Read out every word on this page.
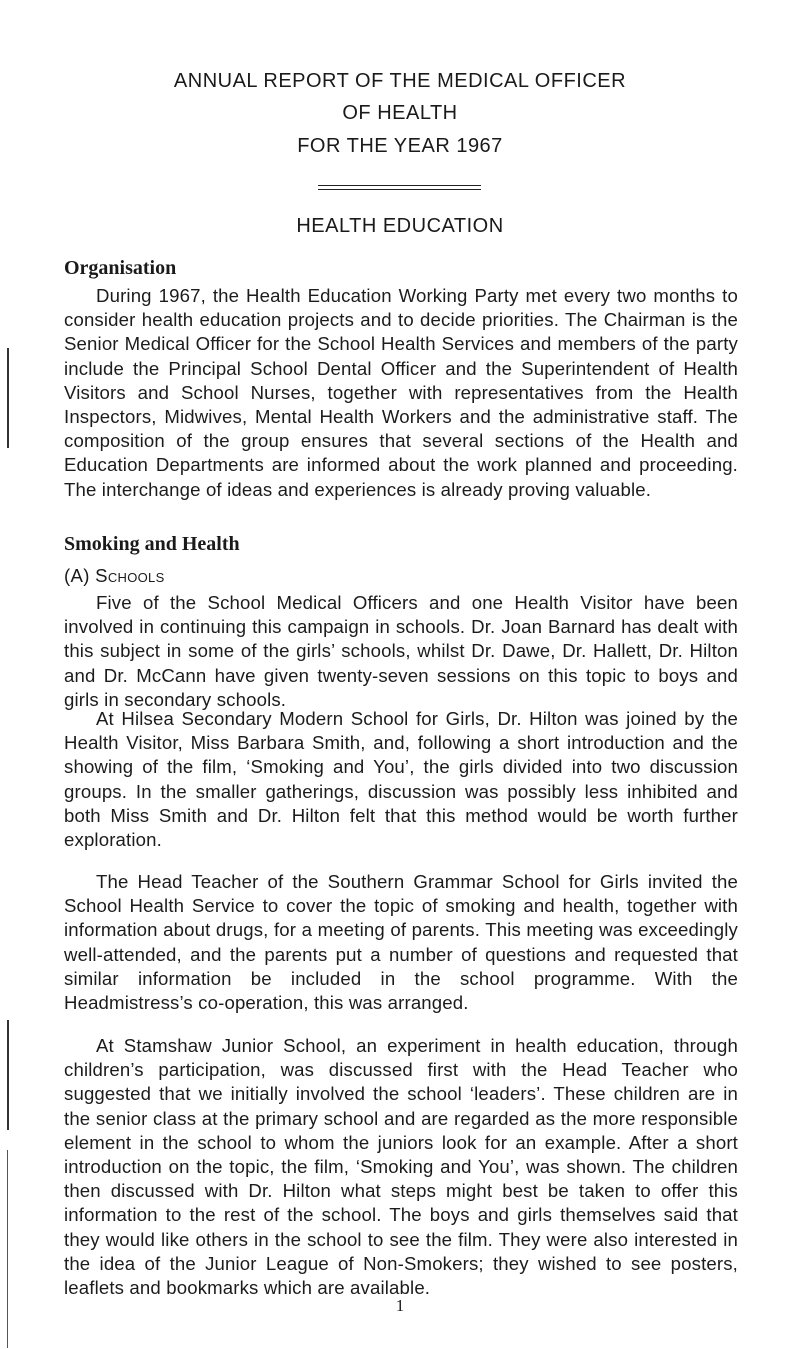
ANNUAL REPORT OF THE MEDICAL OFFICER
OF HEALTH
FOR THE YEAR 1967
HEALTH EDUCATION
Organisation
During 1967, the Health Education Working Party met every two months to consider health education projects and to decide priorities. The Chairman is the Senior Medical Officer for the School Health Services and members of the party include the Principal School Dental Officer and the Superintendent of Health Visitors and School Nurses, together with representatives from the Health Inspectors, Midwives, Mental Health Workers and the administrative staff. The composition of the group ensures that several sections of the Health and Education Departments are informed about the work planned and proceeding. The interchange of ideas and experiences is already proving valuable.
Smoking and Health
(A) Schools
Five of the School Medical Officers and one Health Visitor have been involved in continuing this campaign in schools. Dr. Joan Barnard has dealt with this subject in some of the girls’ schools, whilst Dr. Dawe, Dr. Hallett, Dr. Hilton and Dr. McCann have given twenty-seven sessions on this topic to boys and girls in secondary schools.
At Hilsea Secondary Modern School for Girls, Dr. Hilton was joined by the Health Visitor, Miss Barbara Smith, and, following a short introduction and the showing of the film, ‘Smoking and You’, the girls divided into two discussion groups. In the smaller gatherings, discussion was possibly less inhibited and both Miss Smith and Dr. Hilton felt that this method would be worth further exploration.
The Head Teacher of the Southern Grammar School for Girls invited the School Health Service to cover the topic of smoking and health, together with information about drugs, for a meeting of parents. This meeting was exceedingly well-attended, and the parents put a number of questions and requested that similar information be included in the school programme. With the Headmistress’s co-operation, this was arranged.
At Stamshaw Junior School, an experiment in health education, through children’s participation, was discussed first with the Head Teacher who suggested that we initially involved the school ‘leaders’. These children are in the senior class at the primary school and are regarded as the more responsible element in the school to whom the juniors look for an example. After a short introduction on the topic, the film, ‘Smoking and You’, was shown. The children then discussed with Dr. Hilton what steps might best be taken to offer this information to the rest of the school. The boys and girls themselves said that they would like others in the school to see the film. They were also interested in the idea of the Junior League of Non-Smokers; they wished to see posters, leaflets and bookmarks which are available.
1
